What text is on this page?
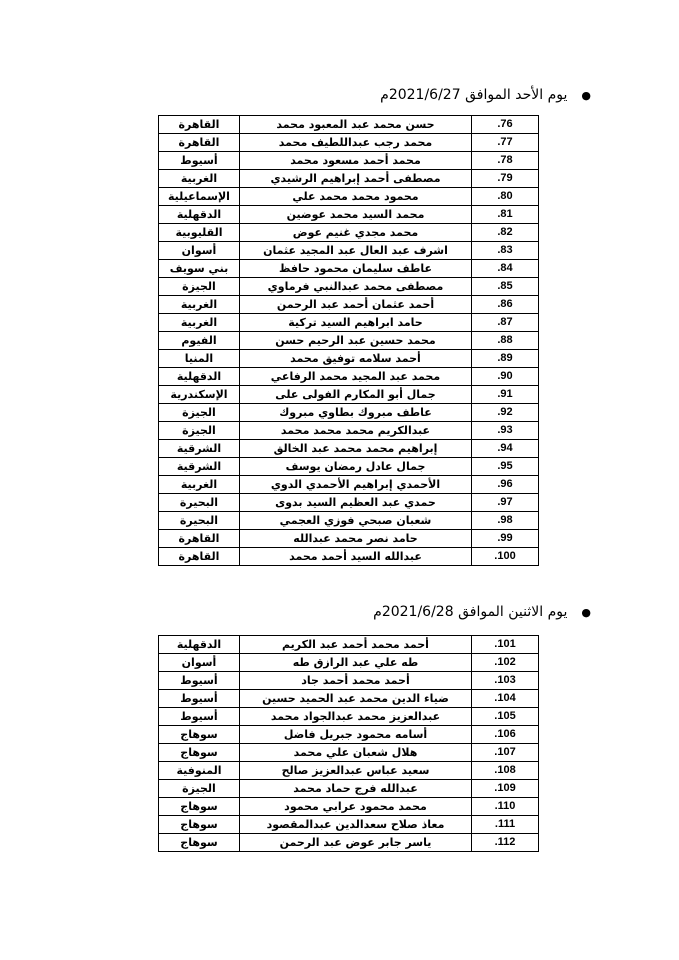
●يوم الأحد الموافق 2021/6/27م
القاهرة	حسن محمد عبد المعبود محمد	.76
القاهرة	محمد رجب عبداللطيف محمد	.77
أسيوط	محمد أحمد مسعود محمد	.78
الغربية	مصطفى أحمد إبراهيم الرشيدي	.79
الإسماعيلية	محمود محمد محمد علي	.80
الدقهلية	محمد السيد محمد عوضين	.81
القليوبية	محمد مجدي غنيم عوض	.82
أسوان	اشرف عبد العال عبد المجيد عثمان	.83
بني سويف	عاطف سليمان محمود حافظ	.84
الجيزة	مصطفى محمد عبدالنبي فرماوي	.85
الغربية	أحمد عثمان أحمد عبد الرحمن	.86
الغربية	حامد ابراهيم السيد تركية	.87
الفيوم	محمد حسين عبد الرحيم حسن	.88
المنيا	أحمد سلامه توفيق محمد	.89
الدقهلية	محمد عبد المجيد محمد الرفاعي	.90
الإسكندرية	جمال أبو المكارم الفولى على	.91
الجيزة	عاطف مبروك بطاوي مبروك	.92
الجيزة	عبدالكريم محمد محمد محمد	.93
الشرقية	إبراهيم محمد محمد عبد الخالق	.94
الشرقية	جمال عادل رمضان يوسف	.95
الغربية	الأحمدي إبراهيم الأحمدي الدوي	.96
البحيرة	حمدي عبد العظيم السيد بدوى	.97
البحيرة	شعبان صبحي فوزي العجمي	.98
القاهرة	حامد نصر محمد عبدالله	.99
القاهرة	عبدالله السيد أحمد محمد	.100
●يوم الاثنين الموافق 2021/6/28م
الدقهلية	أحمد محمد أحمد عبد الكريم	.101
أسوان	طه علي عبد الرازق طه	.102
أسيوط	أحمد محمد أحمد جاد	.103
أسيوط	ضياء الدين محمد عبد الحميد حسين	.104
أسيوط	عبدالعزيز محمد عبدالجواد محمد	.105
سوهاج	أسامه محمود جبريل فاضل	.106
سوهاج	هلال شعبان علي محمد	.107
المنوفية	سعيد عباس عبدالعزيز صالح	.108
الجيزة	عبدالله فرج حماد محمد	.109
سوهاج	محمد محمود عرابي محمود	.110
سوهاج	معاذ صلاح سعدالدين عبدالمقصود	.111
سوهاج	ياسر جابر عوض عبد الرحمن	.112
